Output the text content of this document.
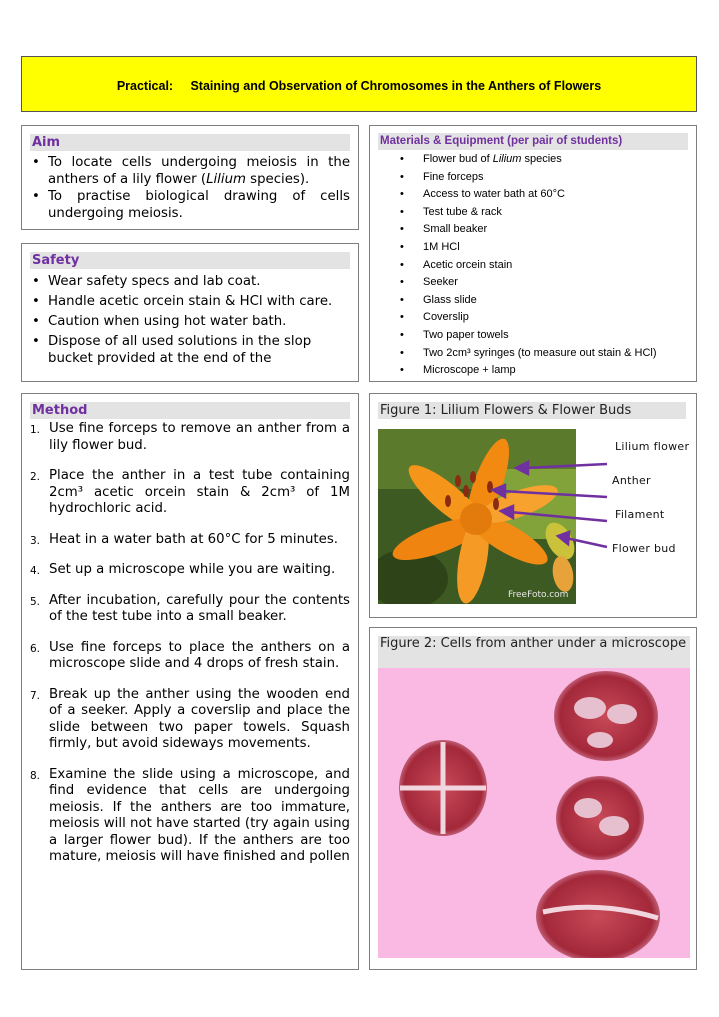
Practical: Staining and Observation of Chromosomes in the Anthers of Flowers
Aim
• To locate cells undergoing meiosis in the anthers of a lily flower (Lilium species).
• To practise biological drawing of cells undergoing meiosis.
Safety
• Wear safety specs and lab coat.
• Handle acetic orcein stain & HCl with care.
• Caution when using hot water bath.
• Dispose of all used solutions in the slop bucket provided at the end of the
Materials & Equipment (per pair of students)
• Flower bud of Lilium species
• Fine forceps
• Access to water bath at 60°C
• Test tube & rack
• Small beaker
• 1M HCl
• Acetic orcein stain
• Seeker
• Glass slide
• Coverslip
• Two paper towels
• Two 2cm³ syringes (to measure out stain & HCl)
• Microscope + lamp
Method
1. Use fine forceps to remove an anther from a lily flower bud.
2. Place the anther in a test tube containing 2cm³ acetic orcein stain & 2cm³ of 1M hydrochloric acid.
3. Heat in a water bath at 60°C for 5 minutes.
4. Set up a microscope while you are waiting.
5. After incubation, carefully pour the contents of the test tube into a small beaker.
6. Use fine forceps to place the anthers on a microscope slide and 4 drops of fresh stain.
7. Break up the anther using the wooden end of a seeker. Apply a coverslip and place the slide between two paper towels. Squash firmly, but avoid sideways movements.
8. Examine the slide using a microscope, and find evidence that cells are undergoing meiosis. If the anthers are too immature, meiosis will not have started (try again using a larger flower bud). If the anthers are too mature, meiosis will have finished and pollen
Figure 1: Lilium Flowers & Flower Buds
FreeFoto.com
Lilium flower
Anther
Filament
Flower bud
Figure 2: Cells from anther under a microscope
